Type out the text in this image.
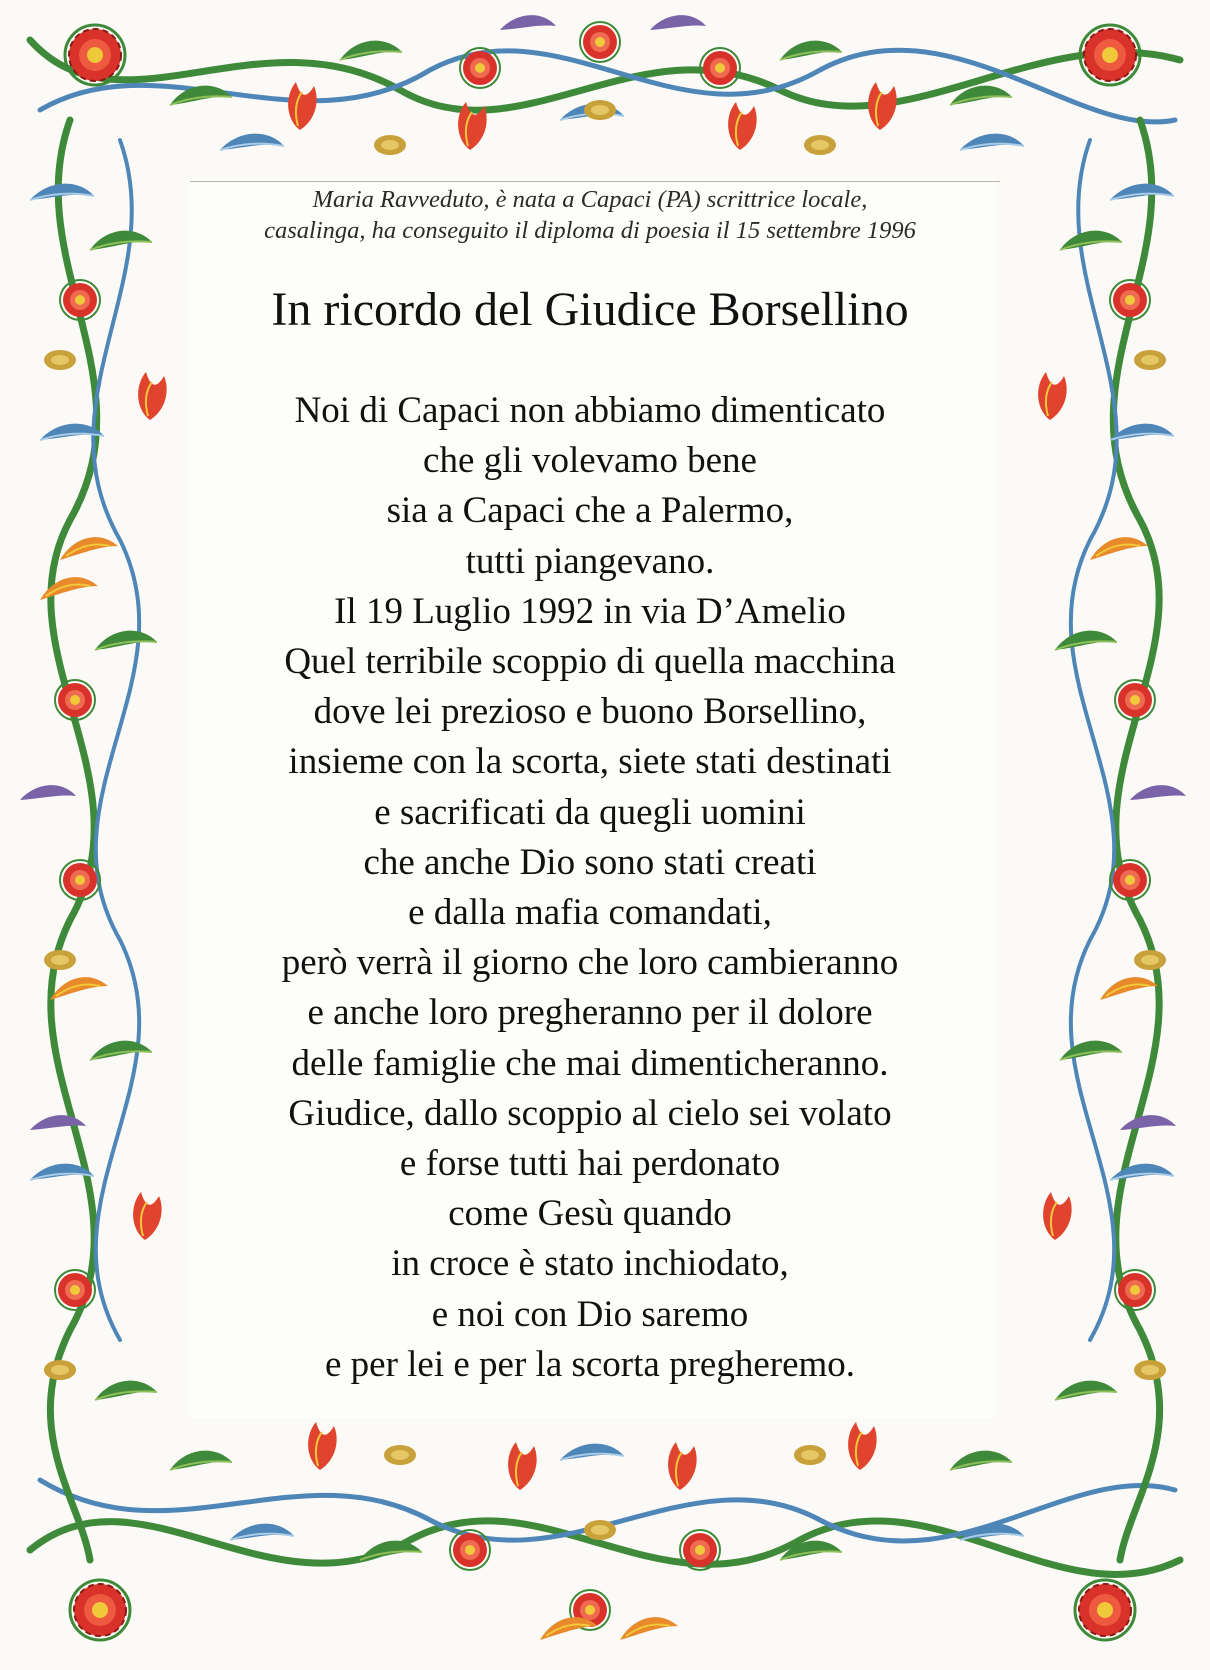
Maria Ravveduto, è nata a Capaci (PA) scrittrice locale,
casalinga, ha conseguito il diploma di poesia il 15 settembre 1996
In ricordo del Giudice Borsellino
Noi di Capaci non abbiamo dimenticato
che gli volevamo bene
sia a Capaci che a Palermo,
tutti piangevano.
Il 19 Luglio 1992 in via D’Amelio
Quel terribile scoppio di quella macchina
dove lei prezioso e buono Borsellino,
insieme con la scorta, siete stati destinati
e sacrificati da quegli uomini
che anche Dio sono stati creati
e dalla mafia comandati,
però verrà il giorno che loro cambieranno
e anche loro pregheranno per il dolore
delle famiglie che mai dimenticheranno.
Giudice, dallo scoppio al cielo sei volato
e forse tutti hai perdonato
come Gesù quando
in croce è stato inchiodato,
e noi con Dio saremo
e per lei e per la scorta pregheremo.
